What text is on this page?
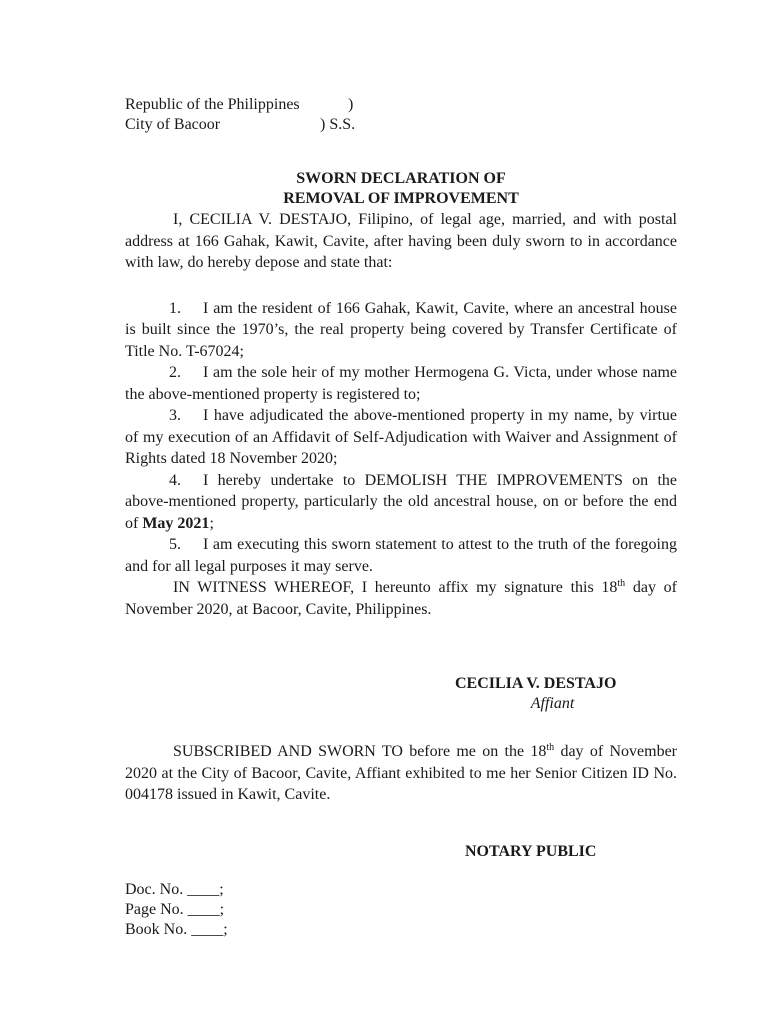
Republic of the Philippines	)
City of Bacoor	) S.S.
SWORN DECLARATION OF
REMOVAL OF IMPROVEMENT

I, CECILIA V. DESTAJO, Filipino, of legal age, married, and with postal address at 166 Gahak, Kawit, Cavite, after having been duly sworn to in accordance with law, do hereby depose and state that:

1. I am the resident of 166 Gahak, Kawit, Cavite, where an ancestral house is built since the 1970’s, the real property being covered by Transfer Certificate of Title No. T-67024;
2. I am the sole heir of my mother Hermogena G. Victa, under whose name the above-mentioned property is registered to;
3. I have adjudicated the above-mentioned property in my name, by virtue of my execution of an Affidavit of Self-Adjudication with Waiver and Assignment of Rights dated 18 November 2020;
4. I hereby undertake to DEMOLISH THE IMPROVEMENTS on the above-mentioned property, particularly the old ancestral house, on or before the end of May 2021;
5. I am executing this sworn statement to attest to the truth of the foregoing and for all legal purposes it may serve.

IN WITNESS WHEREOF, I hereunto affix my signature this 18th day of November 2020, at Bacoor, Cavite, Philippines.

CECILIA V. DESTAJO
Affiant

SUBSCRIBED AND SWORN TO before me on the 18th day of November 2020 at the City of Bacoor, Cavite, Affiant exhibited to me her Senior Citizen ID No. 004178 issued in Kawit, Cavite.

NOTARY PUBLIC
Doc. No. ____;
Page No. ____;
Book No. ____;
